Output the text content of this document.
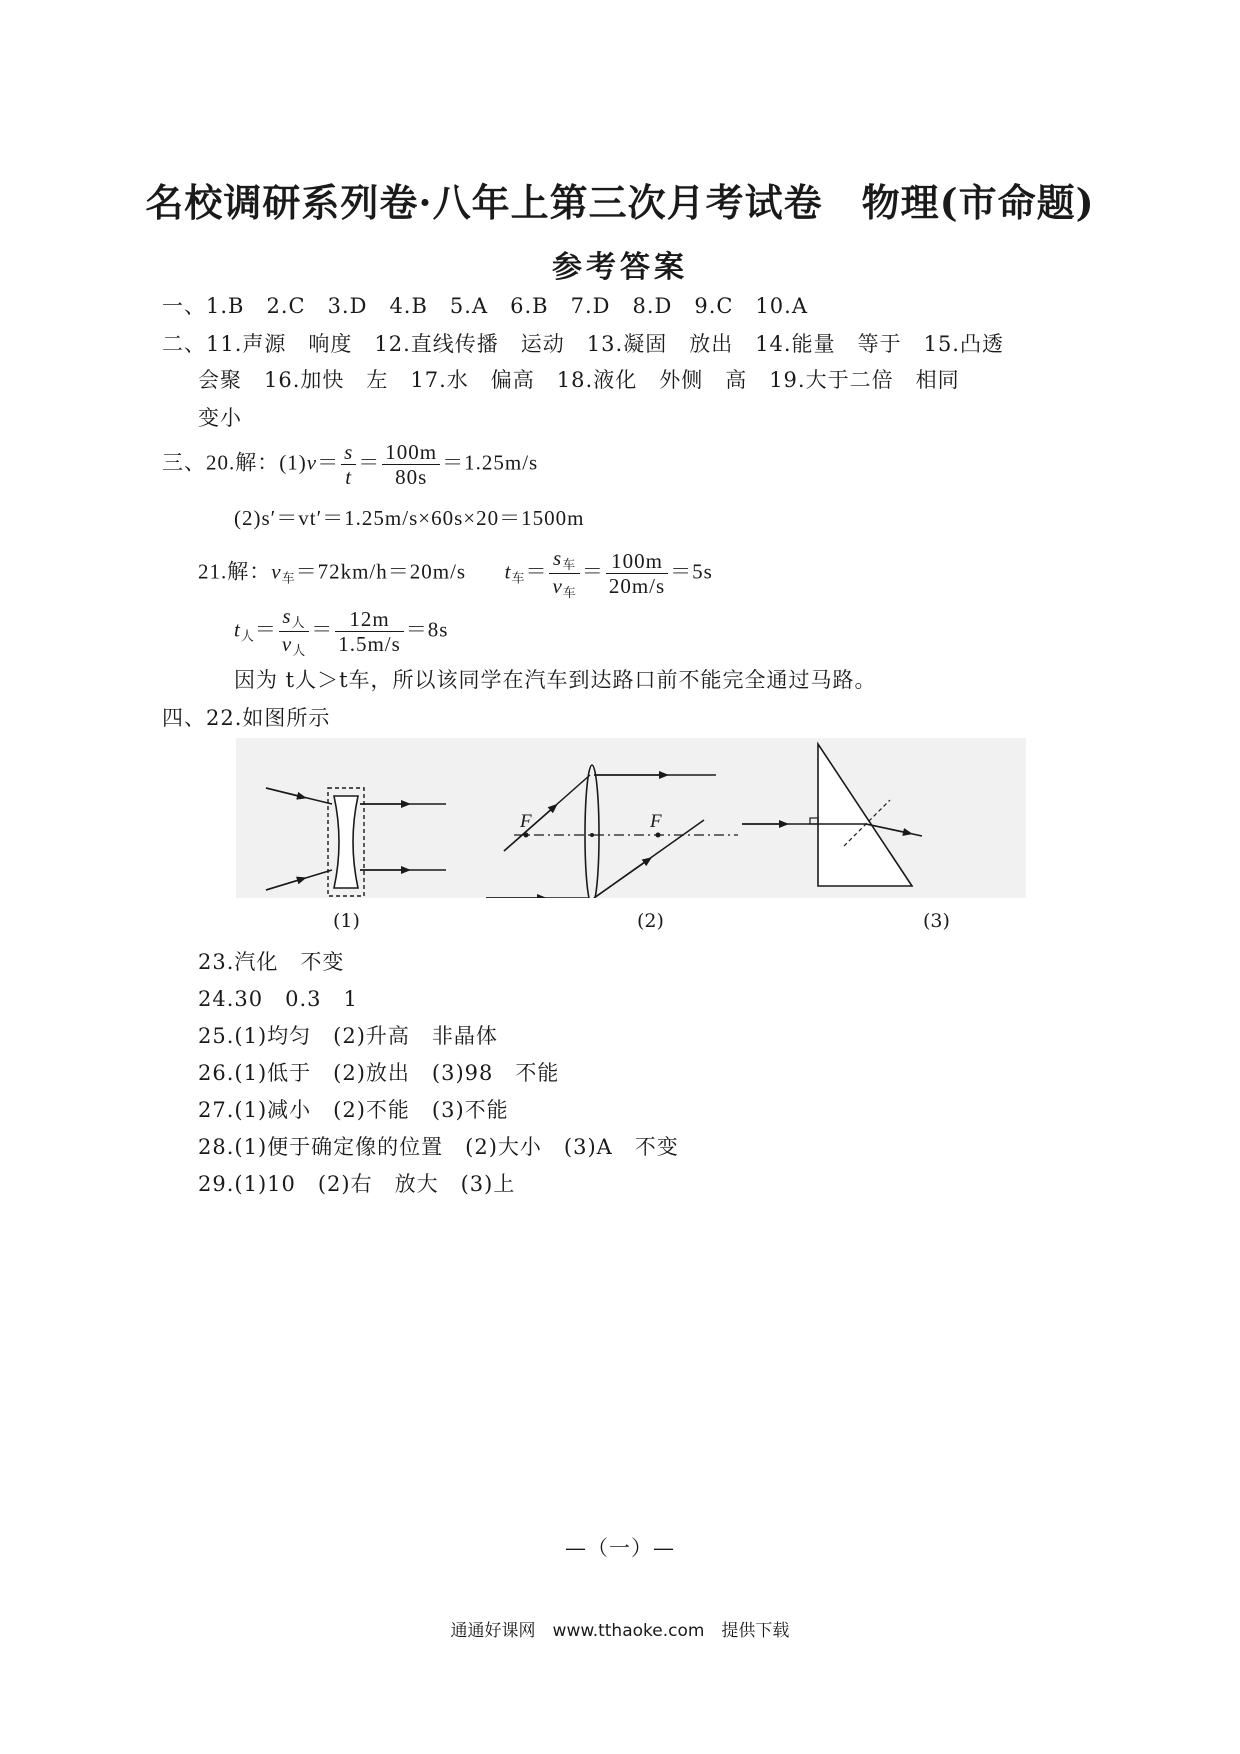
名校调研系列卷·八年上第三次月考试卷　物理(市命题)
参考答案
一、1.B　2.C　3.D　4.B　5.A　6.B　7.D　8.D　9.C　10.A
二、11.声源　响度　12.直线传播　运动　13.凝固　放出　14.能量　等于　15.凸透
会聚　16.加快　左　17.水　偏高　18.液化　外侧　高　19.大于二倍　相同
变小
三、20.解：$(1)v= \frac{s}{t} = \frac{100m}{80s} =1.25m/s$
(2)s′＝vt′＝1.25m/s×60s×20＝1500m
21.解：$v_车=72km/h=20m/s$ $t_车= \frac{s_车}{v_车} = \frac{100m}{20m/s} =5s$
$t_人= \frac{s_人}{v_人} = \frac{12m}{1.5m/s} =8s$
因为 t人＞t车，所以该同学在汽车到达路口前不能完全通过马路。
四、22.如图所示
F	F
(1)	(2)	(3)
23.汽化　不变
24.30　0.3　1
25.(1)均匀　(2)升高　非晶体
26.(1)低于　(2)放出　(3)98　不能
27.(1)减小　(2)不能　(3)不能
28.(1)便于确定像的位置　(2)大小　(3)A　不变
29.(1)10　(2)右　放大　(3)上
—（一）—
通通好课网　www.tthaoke.com　提供下载
